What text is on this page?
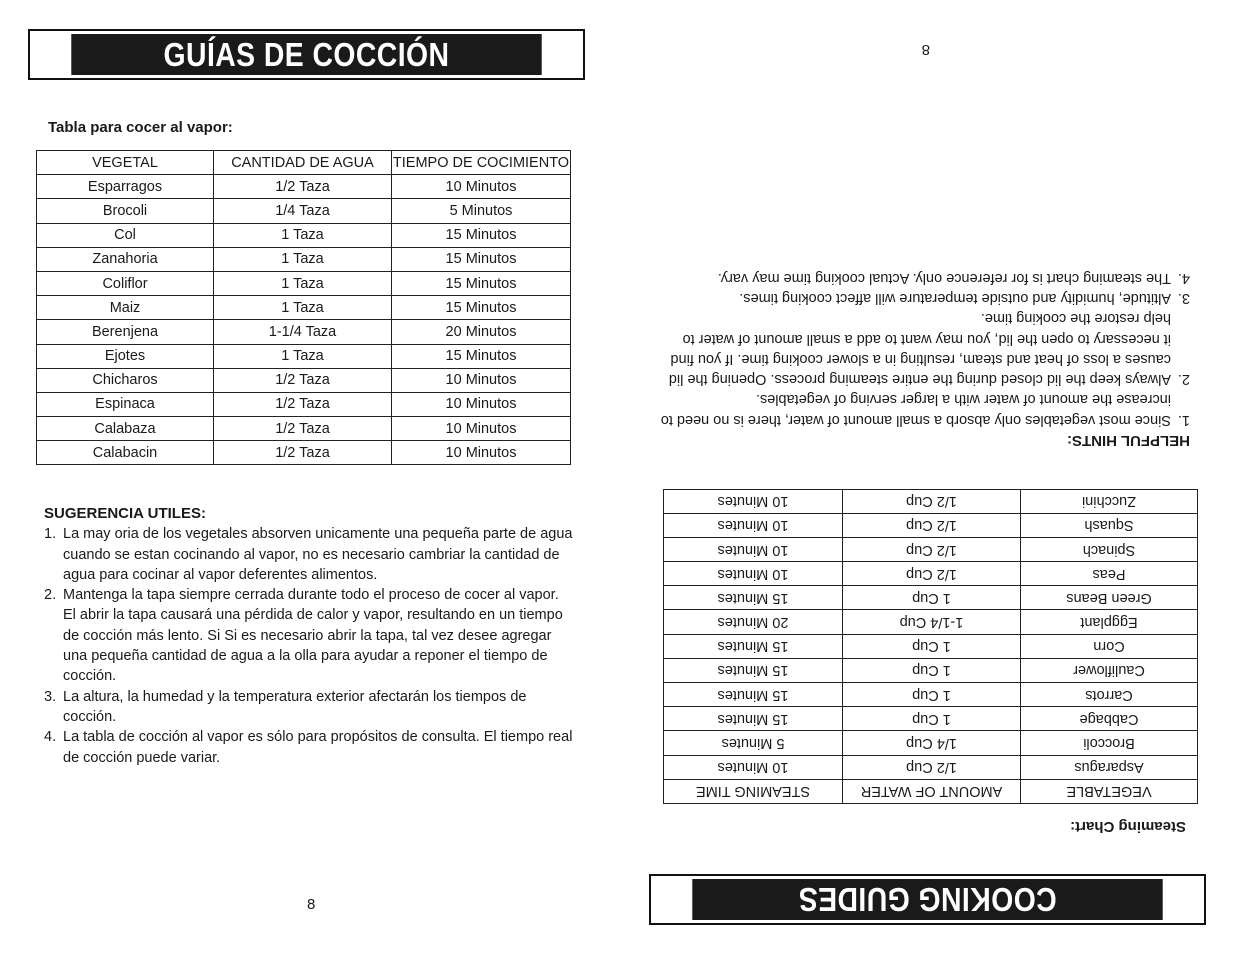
GUÍAS DE COCCIÓN
Tabla para cocer al vapor:
VEGETAL	CANTIDAD DE AGUA	TIEMPO DE COCIMIENTO
Esparragos	1/2 Taza	10 Minutos
Brocoli	1/4 Taza	5 Minutos
Col	1 Taza	15 Minutos
Zanahoria	1 Taza	15 Minutos
Coliflor	1 Taza	15 Minutos
Maiz	1 Taza	15 Minutos
Berenjena	1-1/4 Taza	20 Minutos
Ejotes	1 Taza	15 Minutos
Chicharos	1/2 Taza	10 Minutos
Espinaca	1/2 Taza	10 Minutos
Calabaza	1/2 Taza	10 Minutos
Calabacin	1/2 Taza	10 Minutos
SUGERENCIA UTILES:
1. La may oria de los vegetales absorven unicamente una pequeña parte de agua cuando se estan cocinando al vapor, no es necesario cambriar la cantidad de agua para cocinar al vapor deferentes alimentos.
2. Mantenga la tapa siempre cerrada durante todo el proceso de cocer al vapor. El abrir la tapa causará una pérdida de calor y vapor, resultando en un tiempo de cocción más lento. Si Si es necesario abrir la tapa, tal vez desee agregar una pequeña cantidad de agua a la olla para ayudar a reponer el tiempo de cocción.
3. La altura, la humedad y la temperatura exterior afectarán los tiempos de cocción.
4. La tabla de cocción al vapor es sólo para propósitos de consulta. El tiempo real de cocción puede variar.
8	COOKING GUIDES
Steaming Chart:
VEGETABLE	AMOUNT OF WATER	STEAMING TIME
Asparagus	1/2 Cup	10 Minutes
Broccoli	1/4 Cup	5 Minutes
Cabbage	1 Cup	15 Minutes
Carrots	1 Cup	15 Minutes
Cauliflower	1 Cup	15 Minutes
Corn	1 Cup	15 Minutes
Eggplant	1-1/4 Cup	20 Minutes
Green Beans	1 Cup	15 Minutes
Peas	1/2 Cup	10 Minutes
Spinach	1/2 Cup	10 Minutes
Squash	1/2 Cup	10 Minutes
Zucchini	1/2 Cup	10 Minutes
HELPFUL HINTS:
1.
Since most vegetables only absorb a small amount of water, there is no need to increase the amount of water with a larger serving of vegetables.
2.
Always keep the lid closed during the entire steaming process. Opening the lid causes a loss of heat and steam, resulting in a slower cooking time. If you find it necessary to open the lid, you may want to add a small amount of water to help restore the cooking time.
3.
Altitude, humidity and outside temperature will affect cooking times.
4.
The steaming chart is for reference only. Actual cooking time may vary.
8
